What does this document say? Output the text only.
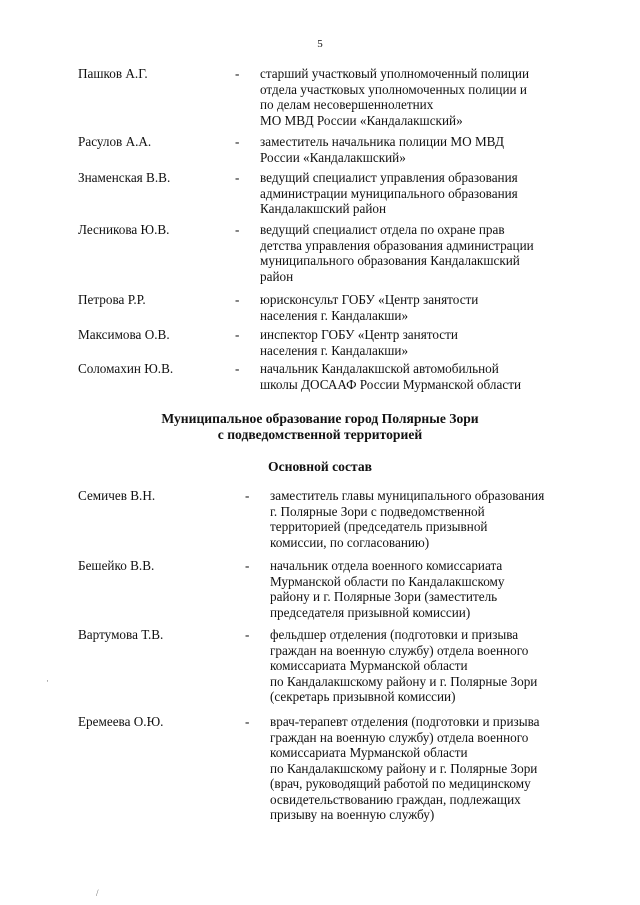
5
Пашков А.Г.	- старший участковый уполномоченный полиции
отдела участковых уполномоченных полиции и
по делам несовершеннолетних
МО МВД России «Кандалакшский»
Расулов А.А.	- заместитель начальника полиции МО МВД
России «Кандалакшский»
Знаменская В.В.	- ведущий специалист управления образования
администрации муниципального образования
Кандалакшский район
Лесникова Ю.В.	- ведущий специалист отдела по охране прав
детства управления образования администрации
муниципального образования Кандалакшский
район
Петрова Р.Р.	- юрисконсульт ГОБУ «Центр занятости
населения г. Кандалакши»
Максимова О.В.	- инспектор ГОБУ «Центр занятости
населения г. Кандалакши»
Соломахин Ю.В.	- начальник Кандалакшской автомобильной
школы ДОСААФ России Мурманской области
Муниципальное образование город Полярные Зори
с подведомственной территорией
Основной состав
Семичев В.Н.	- заместитель главы муниципального образования
г. Полярные Зори с подведомственной
территорией (председатель призывной
комиссии, по согласованию)
Бешейко В.В.	- начальник отдела военного комиссариата
Мурманской области по Кандалакшскому
району и г. Полярные Зори (заместитель
председателя призывной комиссии)
Вартумова Т.В.	- фельдшер отделения (подготовки и призыва
граждан на военную службу) отдела военного
комиссариата Мурманской области
по Кандалакшскому району и г. Полярные Зори
(секретарь призывной комиссии)
Еремеева О.Ю.	- врач-терапевт отделения (подготовки и призыва
граждан на военную службу) отдела военного
комиссариата Мурманской области
по Кандалакшскому району и г. Полярные Зори
(врач, руководящий работой по медицинскому
освидетельствованию граждан, подлежащих
призыву на военную службу)
·
/
